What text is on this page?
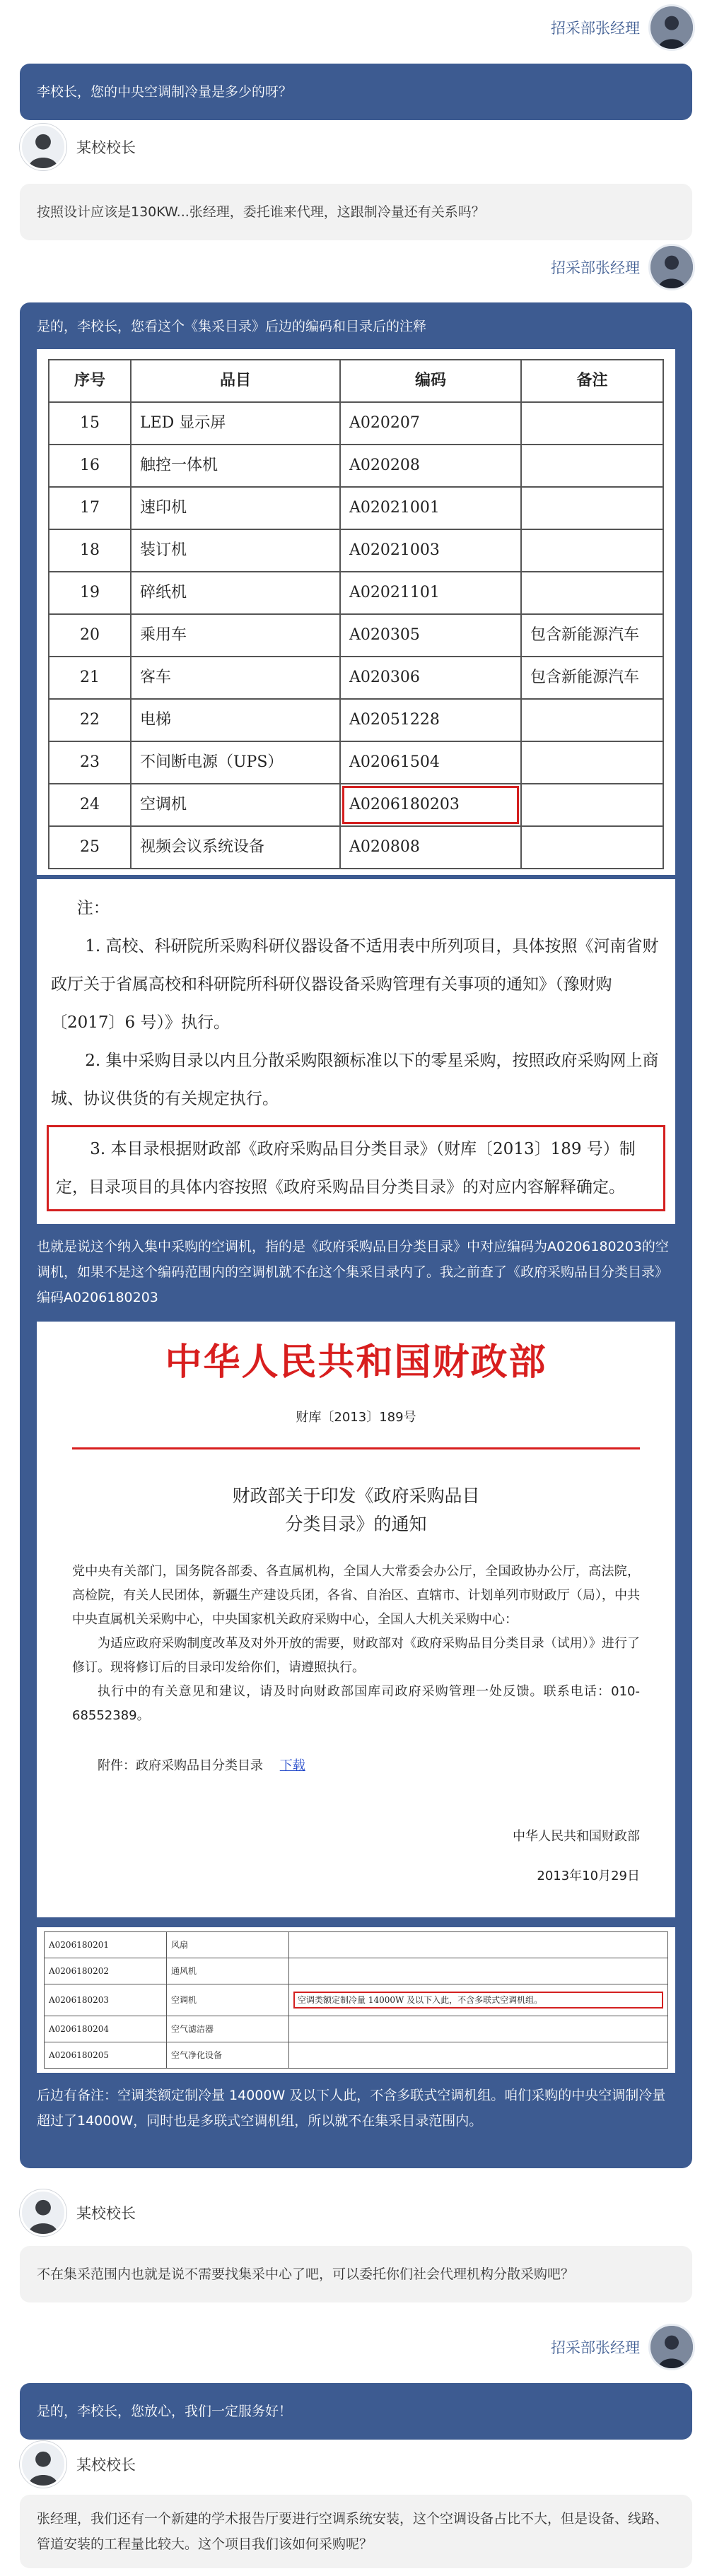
招采部张经理
李校长，您的中央空调制冷量是多少的呀？
某校校长
按照设计应该是130KW...张经理，委托谁来代理，这跟制冷量还有关系吗？
招采部张经理
是的，李校长，您看这个《集采目录》后边的编码和目录后的注释
序号	品目	编码	备注
15	LED 显示屏	A020207	
16	触控一体机	A020208	
17	速印机	A02021001	
18	装订机	A02021003	
19	碎纸机	A02021101	
20	乘用车	A020305	包含新能源汽车
21	客车	A020306	包含新能源汽车
22	电梯	A02051228	
23	不间断电源（UPS）	A02061504	
24	空调机	A0206180203	
25	视频会议系统设备	A020808	

注：

1. 高校、科研院所采购科研仪器设备不适用表中所列项目，具体按照《河南省财政厅关于省属高校和科研院所科研仪器设备采购管理有关事项的通知》（豫财购〔2017〕6 号）》执行。

2. 集中采购目录以内且分散采购限额标准以下的零星采购，按照政府采购网上商城、协议供货的有关规定执行。

3. 本目录根据财政部《政府采购品目分类目录》（财库〔2013〕189 号）制定，目录项目的具体内容按照《政府采购品目分类目录》的对应内容解释确定。

也就是说这个纳入集中采购的空调机，指的是《政府采购品目分类目录》中对应编码为A0206180203的空调机，如果不是这个编码范围内的空调机就不在这个集采目录内了。我之前查了《政府采购品目分类目录》编码A0206180203
中华人民共和国财政部
财库〔2013〕189号
财政部关于印发《政府采购品目
分类目录》的通知

党中央有关部门，国务院各部委、各直属机构，全国人大常委会办公厅，全国政协办公厅，高法院，高检院，有关人民团体，新疆生产建设兵团，各省、自治区、直辖市、计划单列市财政厅（局），中共中央直属机关采购中心，中央国家机关政府采购中心，全国人大机关采购中心：

为适应政府采购制度改革及对外开放的需要，财政部对《政府采购品目分类目录（试用）》进行了修订。现将修订后的目录印发给你们，请遵照执行。

执行中的有关意见和建议，请及时向财政部国库司政府采购管理一处反馈。联系电话：010-68552389。

附件：政府采购品目分类目录 下载
中华人民共和国财政部
2013年10月29日
A0206180201	风扇	
A0206180202	通风机	
A0206180203	空调机	空调类额定制冷量 14000W 及以下入此，不含多联式空调机组。

A0206180204	空气滤洁器	
A0206180205	空气净化设备	
后边有备注：空调类额定制冷量 14000W 及以下人此，不含多联式空调机组。咱们采购的中央空调制冷量超过了14000W，同时也是多联式空调机组，所以就不在集采目录范围内。
某校校长
不在集采范围内也就是说不需要找集采中心了吧，可以委托你们社会代理机构分散采购吧？
招采部张经理
是的，李校长，您放心，我们一定服务好！
某校校长
张经理，我们还有一个新建的学术报告厅要进行空调系统安装，这个空调设备占比不大，但是设备、线路、管道安装的工程量比较大。这个项目我们该如何采购呢？
